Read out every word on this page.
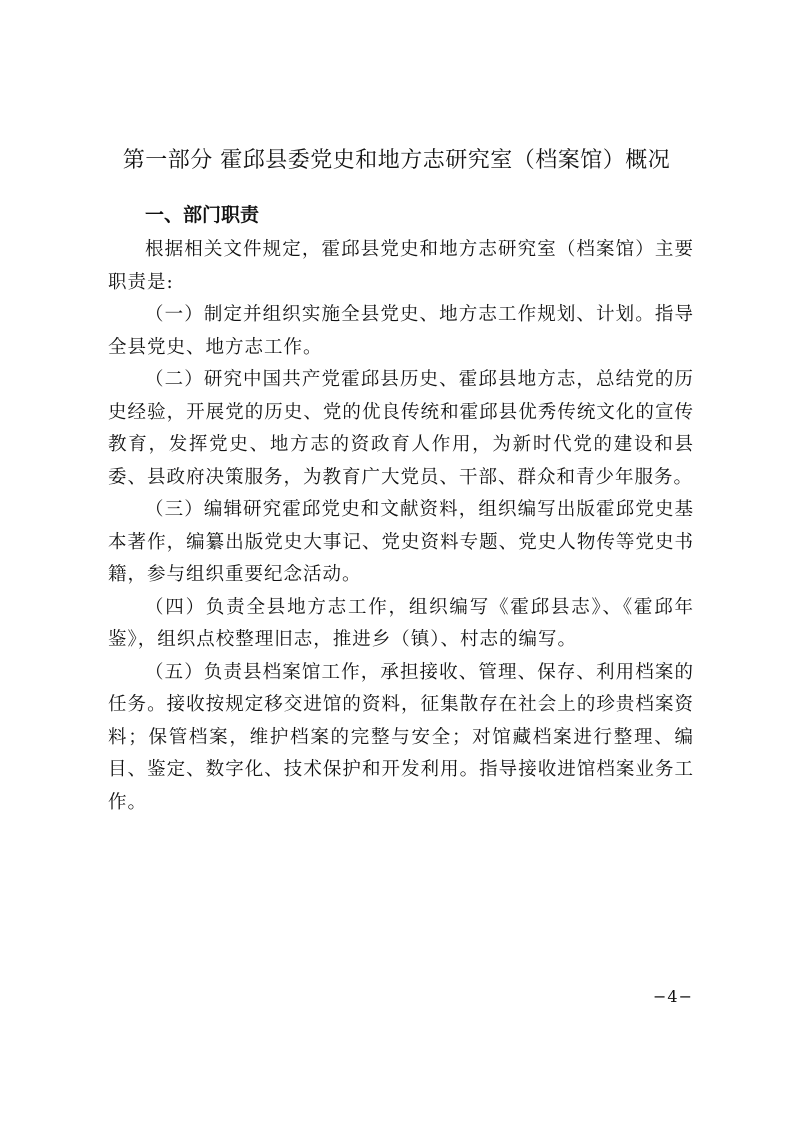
第一部分 霍邱县委党史和地方志研究室（档案馆）概况
一、部门职责

根据相关文件规定，霍邱县党史和地方志研究室（档案馆）主要职责是:

（一）制定并组织实施全县党史、地方志工作规划、计划。指导全县党史、地方志工作。

（二）研究中国共产党霍邱县历史、霍邱县地方志，总结党的历史经验，开展党的历史、党的优良传统和霍邱县优秀传统文化的宣传教育，发挥党史、地方志的资政育人作用，为新时代党的建设和县委、县政府决策服务，为教育广大党员、干部、群众和青少年服务。

（三）编辑研究霍邱党史和文献资料，组织编写出版霍邱党史基本著作，编纂出版党史大事记、党史资料专题、党史人物传等党史书籍，参与组织重要纪念活动。

（四）负责全县地方志工作，组织编写《霍邱县志》、《霍邱年鉴》，组织点校整理旧志，推进乡（镇）、村志的编写。

（五）负责县档案馆工作，承担接收、管理、保存、利用档案的任务。接收按规定移交进馆的资料，征集散存在社会上的珍贵档案资料；保管档案，维护档案的完整与安全；对馆藏档案进行整理、编目、鉴定、数字化、技术保护和开发利用。指导接收进馆档案业务工作。

−4−
